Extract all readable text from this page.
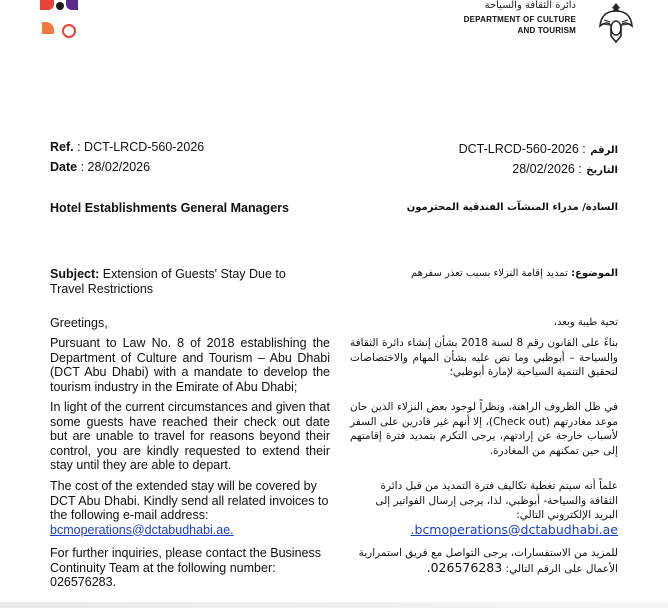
دائرة الثقافة والسياحة
DEPARTMENT OF CULTURE
AND TOURISM
Ref. : DCT-LRCD-560-2026	DCT-LRCD-560-2026 : الرقم
Date : 28/02/2026	28/02/2026 : التاريخ
Hotel Establishments General Managers	السادة/ مدراء المنشآت الفندقية المحترمون
Subject: Extension of Guests' Stay Due to Travel Restrictions
الموضوع: تمديد إقامة النزلاء بسبب تعذر سفرهم
Greetings,	تحية طيبة وبعد،
Pursuant to Law No. 8 of 2018 establishing the Department of Culture and Tourism – Abu Dhabi (DCT Abu Dhabi) with a mandate to develop the tourism industry in the Emirate of Abu Dhabi;
بناءً على القانون رقم 8 لسنة 2018 بشأن إنشاء دائرة الثقافة والسياحة – أبوظبي وما نص عليه بشأن المهام والاختصاصات لتحقيق التنمية السياحية لإمارة أبوظبي؛
In light of the current circumstances and given that some guests have reached their check out date but are unable to travel for reasons beyond their control, you are kindly requested to extend their stay until they are able to depart.
في ظل الظروف الراهنة، ونظراً لوجود بعض النزلاء الذين حان موعد مغادرتهم (Check out)، إلا أنهم غير قادرين على السفر لأسباب خارجة عن إرادتهم، يرجى التكرم بتمديد فترة إقامتهم إلى حين تمكنهم من المغادرة.
The cost of the extended stay will be covered by DCT Abu Dhabi. Kindly send all related invoices to the following e-mail address: bcmoperations@dctabudhabi.ae.
علماً أنه سيتم تغطية تكاليف فترة التمديد من قبل دائرة الثقافة والسياحة- أبوظبي، لذا، يرجى إرسال الفواتير إلى البريد الإلكتروني التالي: .bcmoperations@dctabudhabi.ae
For further inquiries, please contact the Business Continuity Team at the following number: 026576283.
للمزيد من الاستفسارات، يرجى التواصل مع فريق استمرارية الأعمال على الرقم التالي: .026576283
